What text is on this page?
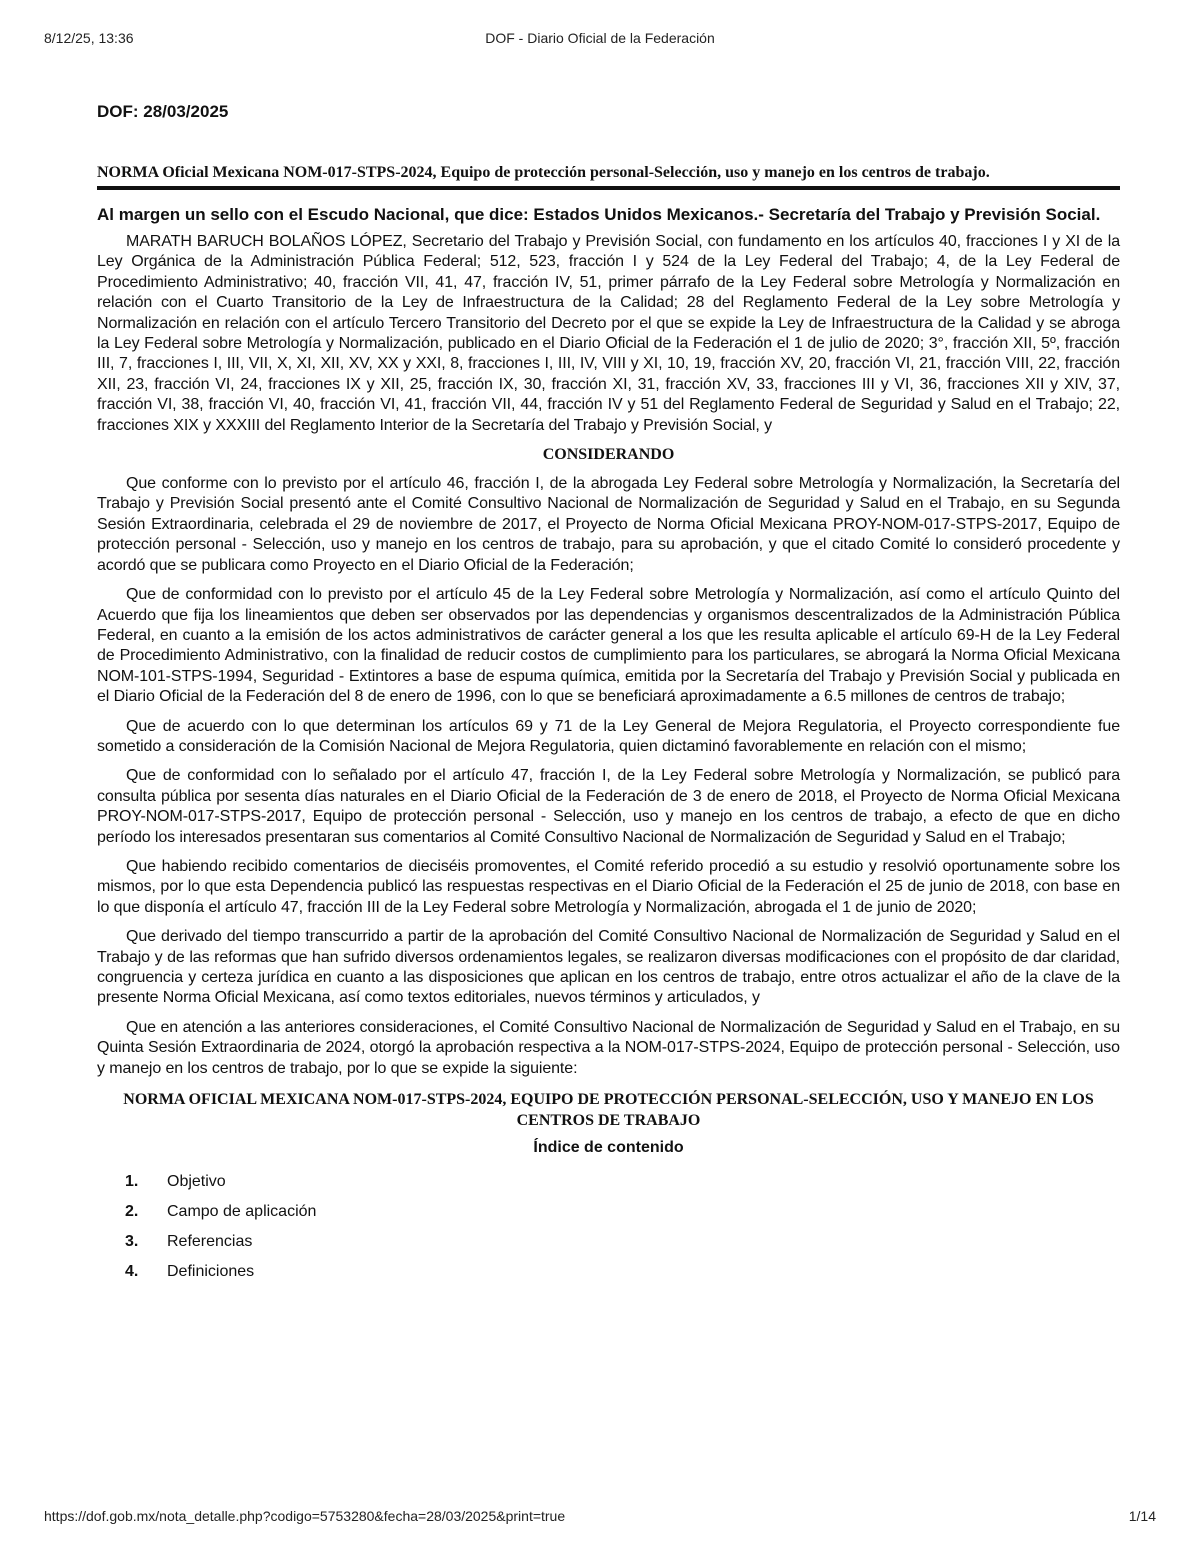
8/12/25, 13:36	DOF - Diario Oficial de la Federación
DOF: 28/03/2025
NORMA Oficial Mexicana NOM-017-STPS-2024, Equipo de protección personal-Selección, uso y manejo en los centros de trabajo.
Al margen un sello con el Escudo Nacional, que dice: Estados Unidos Mexicanos.- Secretaría del Trabajo y Previsión Social.

MARATH BARUCH BOLAÑOS LÓPEZ, Secretario del Trabajo y Previsión Social, con fundamento en los artículos 40, fracciones I y XI de la Ley Orgánica de la Administración Pública Federal; 512, 523, fracción I y 524 de la Ley Federal del Trabajo; 4, de la Ley Federal de Procedimiento Administrativo; 40, fracción VII, 41, 47, fracción IV, 51, primer párrafo de la Ley Federal sobre Metrología y Normalización en relación con el Cuarto Transitorio de la Ley de Infraestructura de la Calidad; 28 del Reglamento Federal de la Ley sobre Metrología y Normalización en relación con el artículo Tercero Transitorio del Decreto por el que se expide la Ley de Infraestructura de la Calidad y se abroga la Ley Federal sobre Metrología y Normalización, publicado en el Diario Oficial de la Federación el 1 de julio de 2020; 3°, fracción XII, 5º, fracción III, 7, fracciones I, III, VII, X, XI, XII, XV, XX y XXI, 8, fracciones I, III, IV, VIII y XI, 10, 19, fracción XV, 20, fracción VI, 21, fracción VIII, 22, fracción XII, 23, fracción VI, 24, fracciones IX y XII, 25, fracción IX, 30, fracción XI, 31, fracción XV, 33, fracciones III y VI, 36, fracciones XII y XIV, 37, fracción VI, 38, fracción VI, 40, fracción VI, 41, fracción VII, 44, fracción IV y 51 del Reglamento Federal de Seguridad y Salud en el Trabajo; 22, fracciones XIX y XXXIII del Reglamento Interior de la Secretaría del Trabajo y Previsión Social, y

CONSIDERANDO

Que conforme con lo previsto por el artículo 46, fracción I, de la abrogada Ley Federal sobre Metrología y Normalización, la Secretaría del Trabajo y Previsión Social presentó ante el Comité Consultivo Nacional de Normalización de Seguridad y Salud en el Trabajo, en su Segunda Sesión Extraordinaria, celebrada el 29 de noviembre de 2017, el Proyecto de Norma Oficial Mexicana PROY-NOM-017-STPS-2017, Equipo de protección personal - Selección, uso y manejo en los centros de trabajo, para su aprobación, y que el citado Comité lo consideró procedente y acordó que se publicara como Proyecto en el Diario Oficial de la Federación;

Que de conformidad con lo previsto por el artículo 45 de la Ley Federal sobre Metrología y Normalización, así como el artículo Quinto del Acuerdo que fija los lineamientos que deben ser observados por las dependencias y organismos descentralizados de la Administración Pública Federal, en cuanto a la emisión de los actos administrativos de carácter general a los que les resulta aplicable el artículo 69-H de la Ley Federal de Procedimiento Administrativo, con la finalidad de reducir costos de cumplimiento para los particulares, se abrogará la Norma Oficial Mexicana NOM-101-STPS-1994, Seguridad - Extintores a base de espuma química, emitida por la Secretaría del Trabajo y Previsión Social y publicada en el Diario Oficial de la Federación del 8 de enero de 1996, con lo que se beneficiará aproximadamente a 6.5 millones de centros de trabajo;

Que de acuerdo con lo que determinan los artículos 69 y 71 de la Ley General de Mejora Regulatoria, el Proyecto correspondiente fue sometido a consideración de la Comisión Nacional de Mejora Regulatoria, quien dictaminó favorablemente en relación con el mismo;

Que de conformidad con lo señalado por el artículo 47, fracción I, de la Ley Federal sobre Metrología y Normalización, se publicó para consulta pública por sesenta días naturales en el Diario Oficial de la Federación de 3 de enero de 2018, el Proyecto de Norma Oficial Mexicana PROY-NOM-017-STPS-2017, Equipo de protección personal - Selección, uso y manejo en los centros de trabajo, a efecto de que en dicho período los interesados presentaran sus comentarios al Comité Consultivo Nacional de Normalización de Seguridad y Salud en el Trabajo;

Que habiendo recibido comentarios de dieciséis promoventes, el Comité referido procedió a su estudio y resolvió oportunamente sobre los mismos, por lo que esta Dependencia publicó las respuestas respectivas en el Diario Oficial de la Federación el 25 de junio de 2018, con base en lo que disponía el artículo 47, fracción III de la Ley Federal sobre Metrología y Normalización, abrogada el 1 de junio de 2020;

Que derivado del tiempo transcurrido a partir de la aprobación del Comité Consultivo Nacional de Normalización de Seguridad y Salud en el Trabajo y de las reformas que han sufrido diversos ordenamientos legales, se realizaron diversas modificaciones con el propósito de dar claridad, congruencia y certeza jurídica en cuanto a las disposiciones que aplican en los centros de trabajo, entre otros actualizar el año de la clave de la presente Norma Oficial Mexicana, así como textos editoriales, nuevos términos y articulados, y

Que en atención a las anteriores consideraciones, el Comité Consultivo Nacional de Normalización de Seguridad y Salud en el Trabajo, en su Quinta Sesión Extraordinaria de 2024, otorgó la aprobación respectiva a la NOM-017-STPS-2024, Equipo de protección personal - Selección, uso y manejo en los centros de trabajo, por lo que se expide la siguiente:

NORMA OFICIAL MEXICANA NOM-017-STPS-2024, EQUIPO DE PROTECCIÓN PERSONAL-SELECCIÓN, USO Y MANEJO EN LOS
CENTROS DE TRABAJO
Índice de contenido
1. Objetivo
2. Campo de aplicación
3. Referencias
4. Definiciones
https://dof.gob.mx/nota_detalle.php?codigo=5753280&fecha=28/03/2025&print=true	1/14
